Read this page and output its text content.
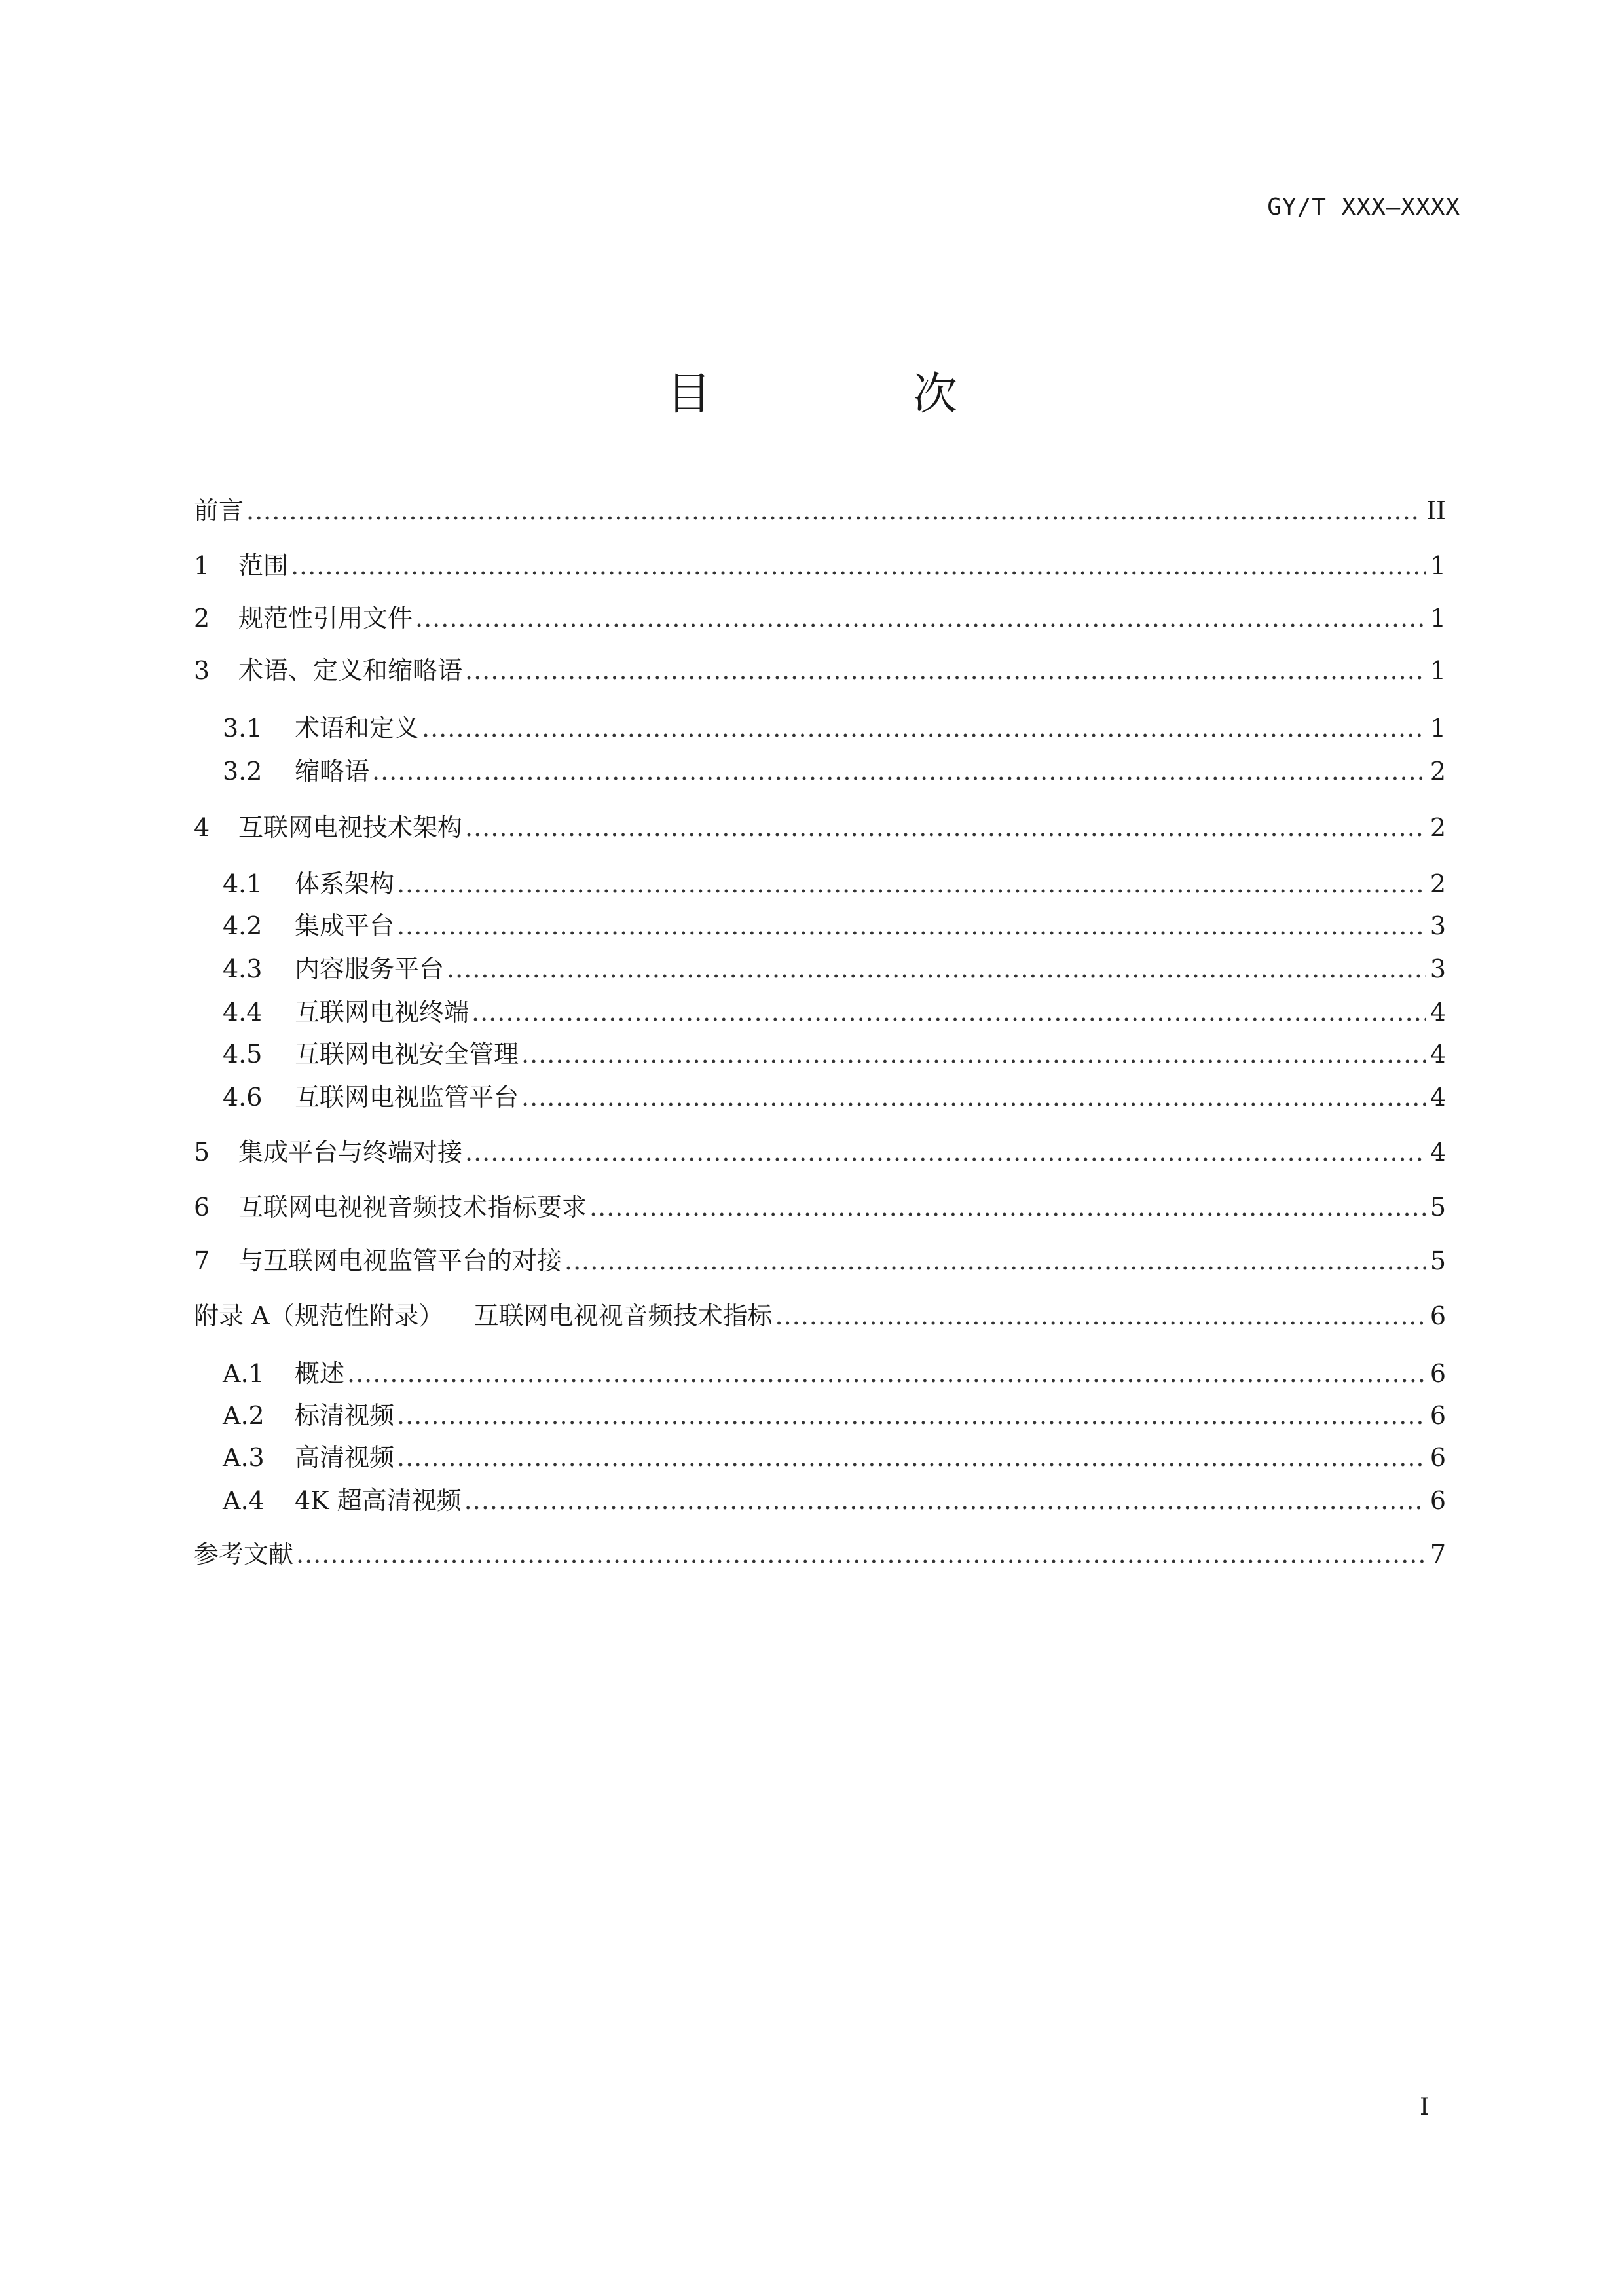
GY/T XXX—XXXX
目　次
前言 .....	II
1	范围 .....	1
2	规范性引用文件 .....	1
3	术语、定义和缩略语 .....	1
3.1	术语和定义 .....	1
3.2	缩略语 .....	2
4	互联网电视技术架构 .....	2
4.1	体系架构 .....	2
4.2	集成平台 .....	3
4.3	内容服务平台 .....	3
4.4	互联网电视终端 .....	4
4.5	互联网电视安全管理 .....	4
4.6	互联网电视监管平台 .....	4
5	集成平台与终端对接 .....	4
6	互联网电视视音频技术指标要求 .....	5
7	与互联网电视监管平台的对接 .....	5
附录 A（规范性附录） 互联网电视视音频技术指标 .....	6
A.1	概述 .....	6
A.2	标清视频 .....	6
A.3	高清视频 .....	6
A.4	4K 超高清视频 .....	6
参考文献 .....	7
I
